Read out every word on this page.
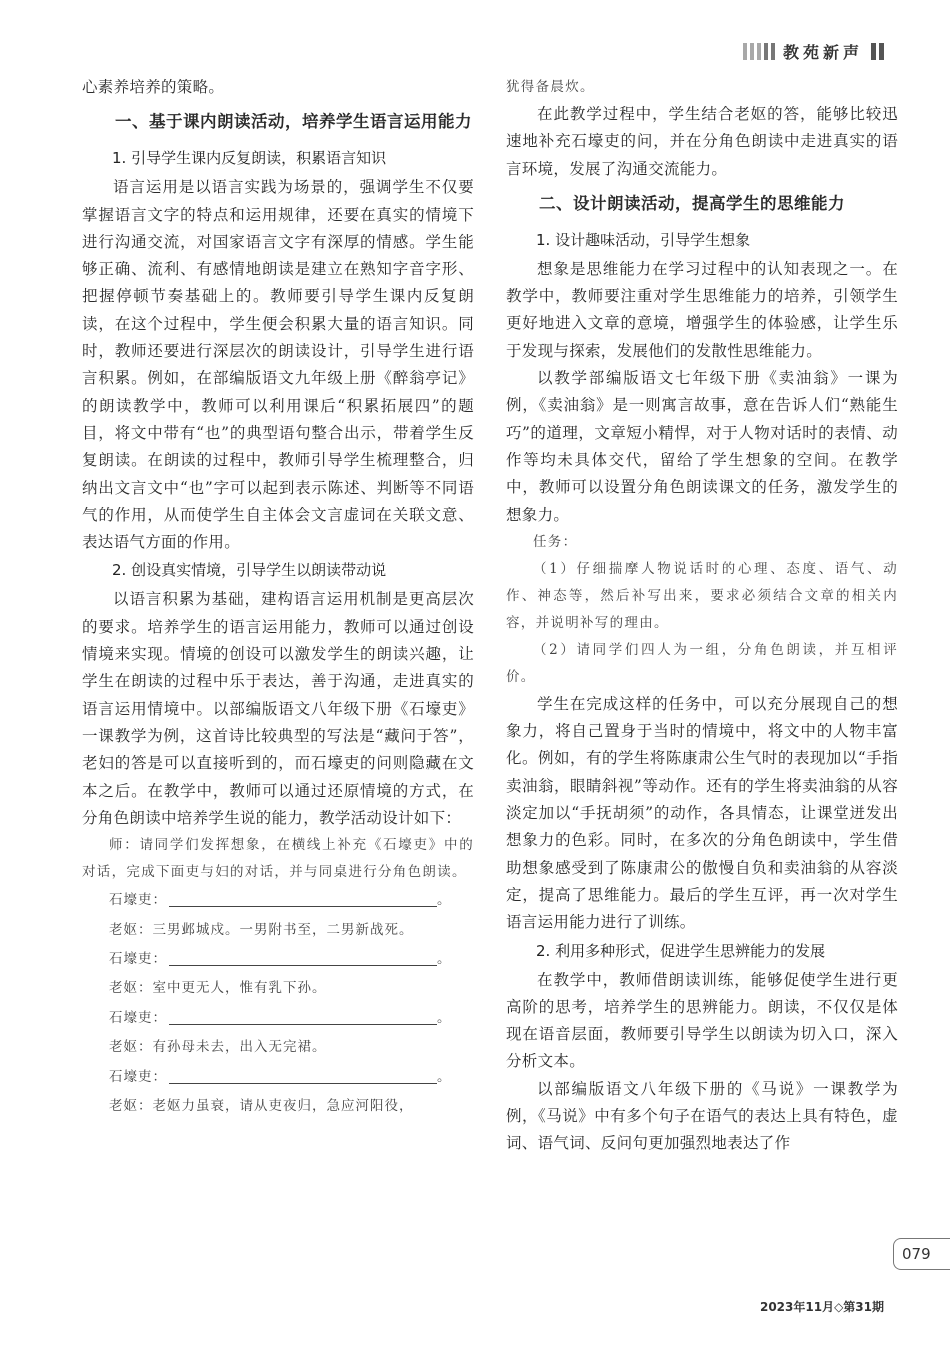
教苑新声

心素养培养的策略。

一、基于课内朗读活动，培养学生语言运用能力

1. 引导学生课内反复朗读，积累语言知识

语言运用是以语言实践为场景的，强调学生不仅要掌握语言文字的特点和运用规律，还要在真实的情境下进行沟通交流，对国家语言文字有深厚的情感。学生能够正确、流利、有感情地朗读是建立在熟知字音字形、把握停顿节奏基础上的。教师要引导学生课内反复朗读，在这个过程中，学生便会积累大量的语言知识。同时，教师还要进行深层次的朗读设计，引导学生进行语言积累。例如，在部编版语文九年级上册《醉翁亭记》的朗读教学中，教师可以利用课后“积累拓展四”的题目，将文中带有“也”的典型语句整合出示，带着学生反复朗读。在朗读的过程中，教师引导学生梳理整合，归纳出文言文中“也”字可以起到表示陈述、判断等不同语气的作用，从而使学生自主体会文言虚词在关联文意、表达语气方面的作用。

2. 创设真实情境，引导学生以朗读带动说

以语言积累为基础，建构语言运用机制是更高层次的要求。培养学生的语言运用能力，教师可以通过创设情境来实现。情境的创设可以激发学生的朗读兴趣，让学生在朗读的过程中乐于表达，善于沟通，走进真实的语言运用情境中。以部编版语文八年级下册《石壕吏》一课教学为例，这首诗比较典型的写法是“藏问于答”，老妇的答是可以直接听到的，而石壕吏的问则隐藏在文本之后。在教学中，教师可以通过还原情境的方式，在分角色朗读中培养学生说的能力，教学活动设计如下：

师：请同学们发挥想象，在横线上补充《石壕吏》中的对话，完成下面吏与妇的对话，并与同桌进行分角色朗读。

石壕吏：	。
老妪： 三男邺城戍。一男附书至，二男新战死。
石壕吏：	。
老妪： 室中更无人，惟有乳下孙。
石壕吏：	。
老妪： 有孙母未去，出入无完裙。
石壕吏：	。
老妪： 老妪力虽衰，请从吏夜归，急应河阳役，

犹得备晨炊。

在此教学过程中，学生结合老妪的答，能够比较迅速地补充石壕吏的问，并在分角色朗读中走进真实的语言环境，发展了沟通交流能力。

二、设计朗读活动，提高学生的思维能力

1. 设计趣味活动，引导学生想象

想象是思维能力在学习过程中的认知表现之一。在教学中，教师要注重对学生思维能力的培养，引领学生更好地进入文章的意境，增强学生的体验感，让学生乐于发现与探索，发展他们的发散性思维能力。

以教学部编版语文七年级下册《卖油翁》一课为例，《卖油翁》是一则寓言故事，意在告诉人们“熟能生巧”的道理，文章短小精悍，对于人物对话时的表情、动作等均未具体交代，留给了学生想象的空间。在教学中，教师可以设置分角色朗读课文的任务，激发学生的想象力。

任务：

（1）仔细揣摩人物说话时的心理、态度、语气、动作、神态等，然后补写出来，要求必须结合文章的相关内容，并说明补写的理由。

（2）请同学们四人为一组，分角色朗读，并互相评价。

学生在完成这样的任务中，可以充分展现自己的想象力，将自己置身于当时的情境中，将文中的人物丰富化。例如，有的学生将陈康肃公生气时的表现加以“手指卖油翁，眼睛斜视”等动作。还有的学生将卖油翁的从容淡定加以“手抚胡须”的动作，各具情态，让课堂迸发出想象力的色彩。同时，在多次的分角色朗读中，学生借助想象感受到了陈康肃公的傲慢自负和卖油翁的从容淡定，提高了思维能力。最后的学生互评，再一次对学生语言运用能力进行了训练。

2. 利用多种形式，促进学生思辨能力的发展

在教学中，教师借朗读训练，能够促使学生进行更高阶的思考，培养学生的思辨能力。朗读，不仅仅是体现在语音层面，教师要引导学生以朗读为切入口，深入分析文本。

以部编版语文八年级下册的《马说》一课教学为例，《马说》中有多个句子在语气的表达上具有特色，虚词、语气词、反问句更加强烈地表达了作

079
2023年11月◇第31期
